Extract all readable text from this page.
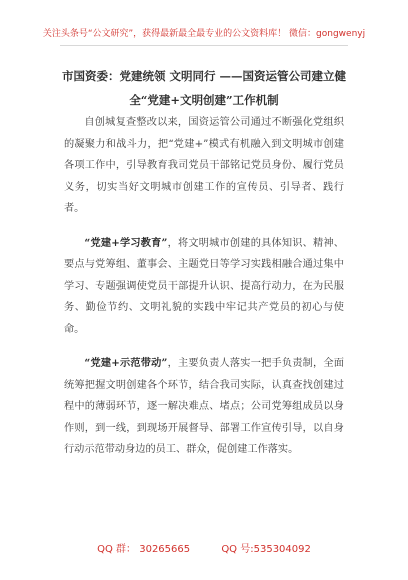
关注头条号“公文研究”，获得最新最全最专业的公文资料库！ 微信：gongwenyj
市国资委：党建统领 文明同行 ——国资运管公司建立健
全“党建+文明创建”工作机制

自创城复查整改以来，国资运管公司通过不断强化党组织的凝聚力和战斗力，把“党建+”模式有机融入到文明城市创建各项工作中，引导教育我司党员干部铭记党员身份、履行党员义务，切实当好文明城市创建工作的宣传员、引导者、践行者。

“党建+学习教育”，将文明城市创建的具体知识、精神、要点与党筹组、董事会、主题党日等学习实践相融合通过集中学习、专题强调使党员干部提升认识、提高行动力，在为民服务、勤俭节约、文明礼貌的实践中牢记共产党员的初心与使命。

“党建+示范带动”，主要负责人落实一把手负责制，全面统筹把握文明创建各个环节，结合我司实际，认真查找创建过程中的薄弱环节，逐一解决难点、堵点；公司党筹组成员以身作则，到一线，到现场开展督导、部署工作宣传引导，以自身行动示范带动身边的员工、群众，促创建工作落实。

QQ 群： 30265665	QQ 号:535304092
